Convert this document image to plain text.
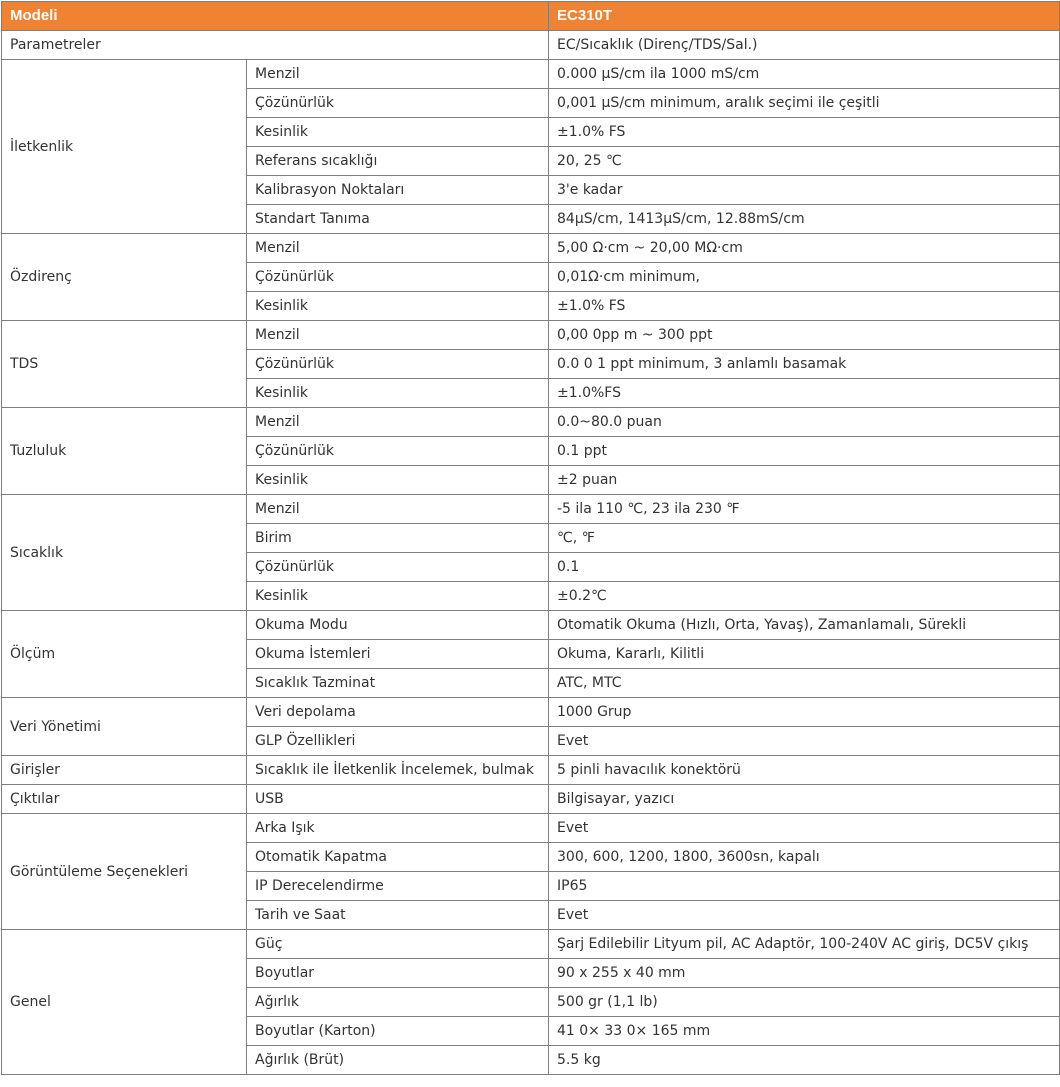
Modeli		EC310T
Parametreler		EC/Sıcaklık (Direnç/TDS/Sal.)
İletkenlik	Menzil	0.000 μS/cm ila 1000 mS/cm
	Çözünürlük	0,001 μS/cm minimum, aralık seçimi ile çeşitli
	Kesinlik	±1.0% FS
	Referans sıcaklığı	20, 25 ℃
	Kalibrasyon Noktaları	3'e kadar
	Standart Tanıma	84μS/cm, 1413μS/cm, 12.88mS/cm
Özdirenç	Menzil	5,00 Ω·cm ~ 20,00 MΩ·cm
	Çözünürlük	0,01Ω·cm minimum,
	Kesinlik	±1.0% FS
TDS	Menzil	0,00 0pp m ~ 300 ppt
	Çözünürlük	0.0 0 1 ppt minimum, 3 anlamlı basamak
	Kesinlik	±1.0%FS
Tuzluluk	Menzil	0.0~80.0 puan
	Çözünürlük	0.1 ppt
	Kesinlik	±2 puan
Sıcaklık	Menzil	-5 ila 110 ℃, 23 ila 230 ℉
	Birim	℃, ℉
	Çözünürlük	0.1
	Kesinlik	±0.2℃
Ölçüm	Okuma Modu	Otomatik Okuma (Hızlı, Orta, Yavaş), Zamanlamalı, Sürekli
	Okuma İstemleri	Okuma, Kararlı, Kilitli
	Sıcaklık Tazminat	ATC, MTC
Veri Yönetimi	Veri depolama	1000 Grup
	GLP Özellikleri	Evet
Girişler	Sıcaklık ile İletkenlik İncelemek, bulmak	5 pinli havacılık konektörü
Çıktılar	USB	Bilgisayar, yazıcı
Görüntüleme Seçenekleri	Arka Işık	Evet
	Otomatik Kapatma	300, 600, 1200, 1800, 3600sn, kapalı
	IP Derecelendirme	IP65
	Tarih ve Saat	Evet
Genel	Güç	Şarj Edilebilir Lityum pil, AC Adaptör, 100-240V AC giriş, DC5V çıkış
	Boyutlar	90 x 255 x 40 mm
	Ağırlık	500 gr (1,1 lb)
	Boyutlar (Karton)	41 0× 33 0× 165 mm
	Ağırlık (Brüt)	5.5 kg
